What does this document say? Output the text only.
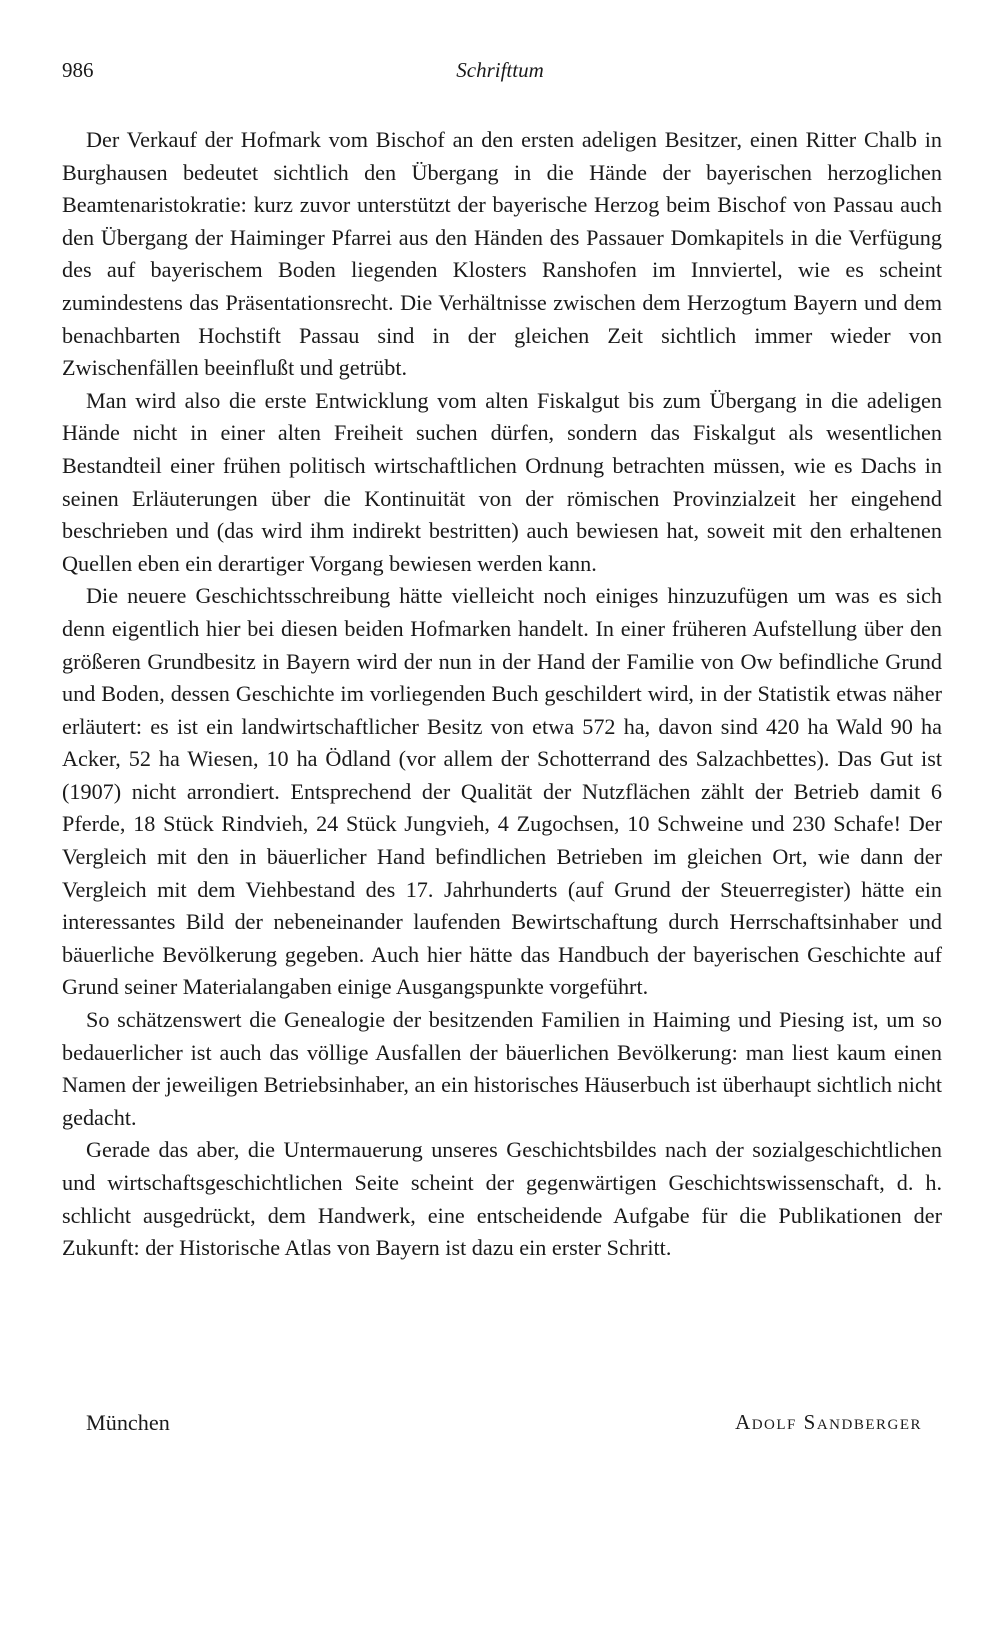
986	Schrifttum

Der Verkauf der Hofmark vom Bischof an den ersten adeligen Besitzer, einen Ritter Chalb in Burghausen bedeutet sichtlich den Übergang in die Hände der bayerischen herzoglichen Beamtenaristokratie: kurz zuvor unterstützt der bayerische Herzog beim Bischof von Passau auch den Übergang der Haiminger Pfarrei aus den Händen des Passauer Domkapitels in die Verfügung des auf bayerischem Boden liegenden Klosters Ranshofen im Innviertel, wie es scheint zumindestens das Präsentationsrecht. Die Verhältnisse zwischen dem Herzogtum Bayern und dem benachbarten Hochstift Passau sind in der gleichen Zeit sichtlich immer wieder von Zwischenfällen beeinflußt und getrübt.

Man wird also die erste Entwicklung vom alten Fiskalgut bis zum Übergang in die adeligen Hände nicht in einer alten Freiheit suchen dürfen, sondern das Fiskalgut als wesentlichen Bestandteil einer frühen politisch wirtschaftlichen Ordnung betrachten müssen, wie es Dachs in seinen Erläuterungen über die Kontinuität von der römischen Provinzialzeit her eingehend beschrieben und (das wird ihm indirekt bestritten) auch bewiesen hat, soweit mit den erhaltenen Quellen eben ein derartiger Vorgang bewiesen werden kann.

Die neuere Geschichtsschreibung hätte vielleicht noch einiges hinzuzufügen um was es sich denn eigentlich hier bei diesen beiden Hofmarken handelt. In einer früheren Aufstellung über den größeren Grundbesitz in Bayern wird der nun in der Hand der Familie von Ow befindliche Grund und Boden, dessen Geschichte im vorliegenden Buch geschildert wird, in der Statistik etwas näher erläutert: es ist ein landwirtschaftlicher Besitz von etwa 572 ha, davon sind 420 ha Wald 90 ha Acker, 52 ha Wiesen, 10 ha Ödland (vor allem der Schotterrand des Salzachbettes). Das Gut ist (1907) nicht arrondiert. Entsprechend der Qualität der Nutzflächen zählt der Betrieb damit 6 Pferde, 18 Stück Rindvieh, 24 Stück Jungvieh, 4 Zugochsen, 10 Schweine und 230 Schafe! Der Vergleich mit den in bäuerlicher Hand befindlichen Betrieben im gleichen Ort, wie dann der Vergleich mit dem Viehbestand des 17. Jahrhunderts (auf Grund der Steuerregister) hätte ein interessantes Bild der nebeneinander laufenden Bewirtschaftung durch Herrschaftsinhaber und bäuerliche Bevölkerung gegeben. Auch hier hätte das Handbuch der bayerischen Geschichte auf Grund seiner Materialangaben einige Ausgangspunkte vorgeführt.

So schätzenswert die Genealogie der besitzenden Familien in Haiming und Piesing ist, um so bedauerlicher ist auch das völlige Ausfallen der bäuerlichen Bevölkerung: man liest kaum einen Namen der jeweiligen Betriebsinhaber, an ein historisches Häuserbuch ist überhaupt sichtlich nicht gedacht.

Gerade das aber, die Untermauerung unseres Geschichtsbildes nach der sozialgeschichtlichen und wirtschaftsgeschichtlichen Seite scheint der gegenwärtigen Geschichtswissenschaft, d. h. schlicht ausgedrückt, dem Handwerk, eine entscheidende Aufgabe für die Publikationen der Zukunft: der Historische Atlas von Bayern ist dazu ein erster Schritt.

München	Adolf Sandberger
